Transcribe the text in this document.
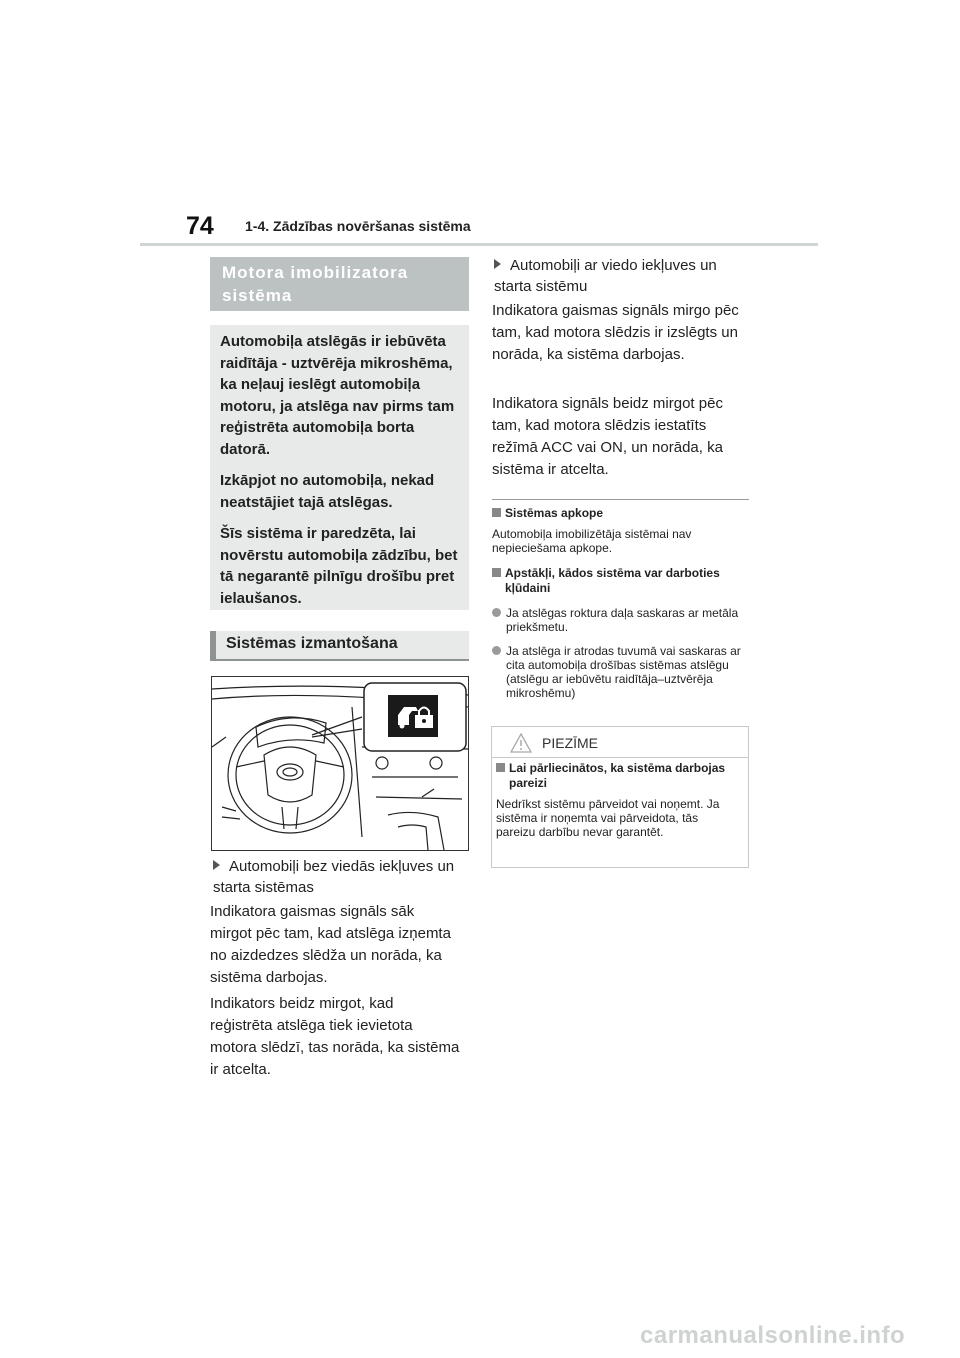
74 1-4. Zādzības novēršanas sistēma
Motora imobilizatora sistēma

Automobiļa atslēgās ir iebūvēta raidītāja - uztvērēja mikroshēma, ka neļauj ieslēgt automobiļa motoru, ja atslēga nav pirms tam reģistrēta automobiļa borta datorā.

Izkāpjot no automobiļa, nekad neatstājiet tajā atslēgas.

Šīs sistēma ir paredzēta, lai novērstu automobiļa zādzību, bet tā negarantē pilnīgu drošību pret ielaušanos.

Sistēmas izmantošana
Automobiļi bez viedās iekļuves un starta sistēmas
Indikatora gaismas signāls sāk mirgot pēc tam, kad atslēga izņemta no aizdedzes slēdža un norāda, ka sistēma darbojas.
Indikators beidz mirgot, kad reģistrēta atslēga tiek ievietota motora slēdzī, tas norāda, ka sistēma ir atcelta.
Automobiļi ar viedo iekļuves un starta sistēmu
Indikatora gaismas signāls mirgo pēc tam, kad motora slēdzis ir izslēgts un norāda, ka sistēma darbojas.
Indikatora signāls beidz mirgot pēc tam, kad motora slēdzis iestatīts režīmā ACC vai ON, un norāda, ka sistēma ir atcelta.
Sistēmas apkope
Automobiļa imobilizētāja sistēmai nav nepieciešama apkope.
Apstākļi, kādos sistēma var darboties kļūdaini
Ja atslēgas roktura daļa saskaras ar metāla priekšmetu.
Ja atslēga ir atrodas tuvumā vai saskaras ar cita automobiļa drošības sistēmas atslēgu (atslēgu ar iebūvētu raidītāja–uztvērēja mikroshēmu)
PIEZĪME
Lai pārliecinātos, ka sistēma darbojas pareizi
Nedrīkst sistēmu pārveidot vai noņemt. Ja sistēma ir noņemta vai pārveidota, tās pareizu darbību nevar garantēt.
carmanualsonline.info
